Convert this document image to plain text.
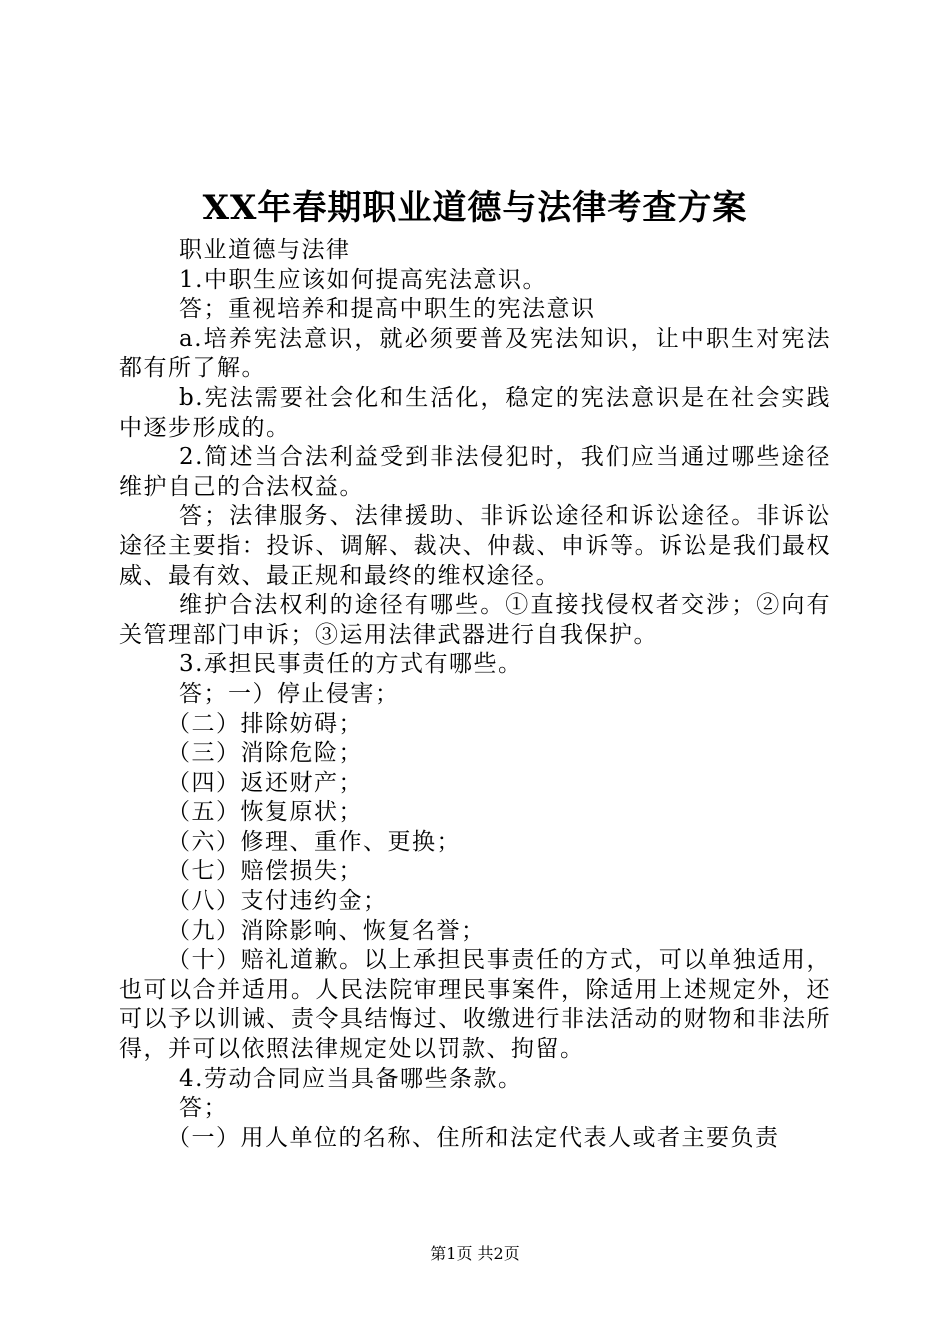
XX年春期职业道德与法律考查方案

职业道德与法律

1.中职生应该如何提高宪法意识。

答；重视培养和提高中职生的宪法意识

a.培养宪法意识，就必须要普及宪法知识，让中职生对宪法都有所了解。

b.宪法需要社会化和生活化，稳定的宪法意识是在社会实践中逐步形成的。

2.简述当合法利益受到非法侵犯时，我们应当通过哪些途径维护自己的合法权益。

答；法律服务、法律援助、非诉讼途径和诉讼途径。非诉讼途径主要指：投诉、调解、裁决、仲裁、申诉等。诉讼是我们最权威、最有效、最正规和最终的维权途径。

维护合法权利的途径有哪些。①直接找侵权者交涉；②向有关管理部门申诉；③运用法律武器进行自我保护。

3.承担民事责任的方式有哪些。

答；一）停止侵害；

（二）排除妨碍；

（三）消除危险；

（四）返还财产；

（五）恢复原状；

（六）修理、重作、更换；

（七）赔偿损失；

（八）支付违约金；

（九）消除影响、恢复名誉；

（十）赔礼道歉。以上承担民事责任的方式，可以单独适用，也可以合并适用。人民法院审理民事案件，除适用上述规定外，还可以予以训诫、责令具结悔过、收缴进行非法活动的财物和非法所得，并可以依照法律规定处以罚款、拘留。

4.劳动合同应当具备哪些条款。

答；

（一）用人单位的名称、住所和法定代表人或者主要负责

第1页 共2页
